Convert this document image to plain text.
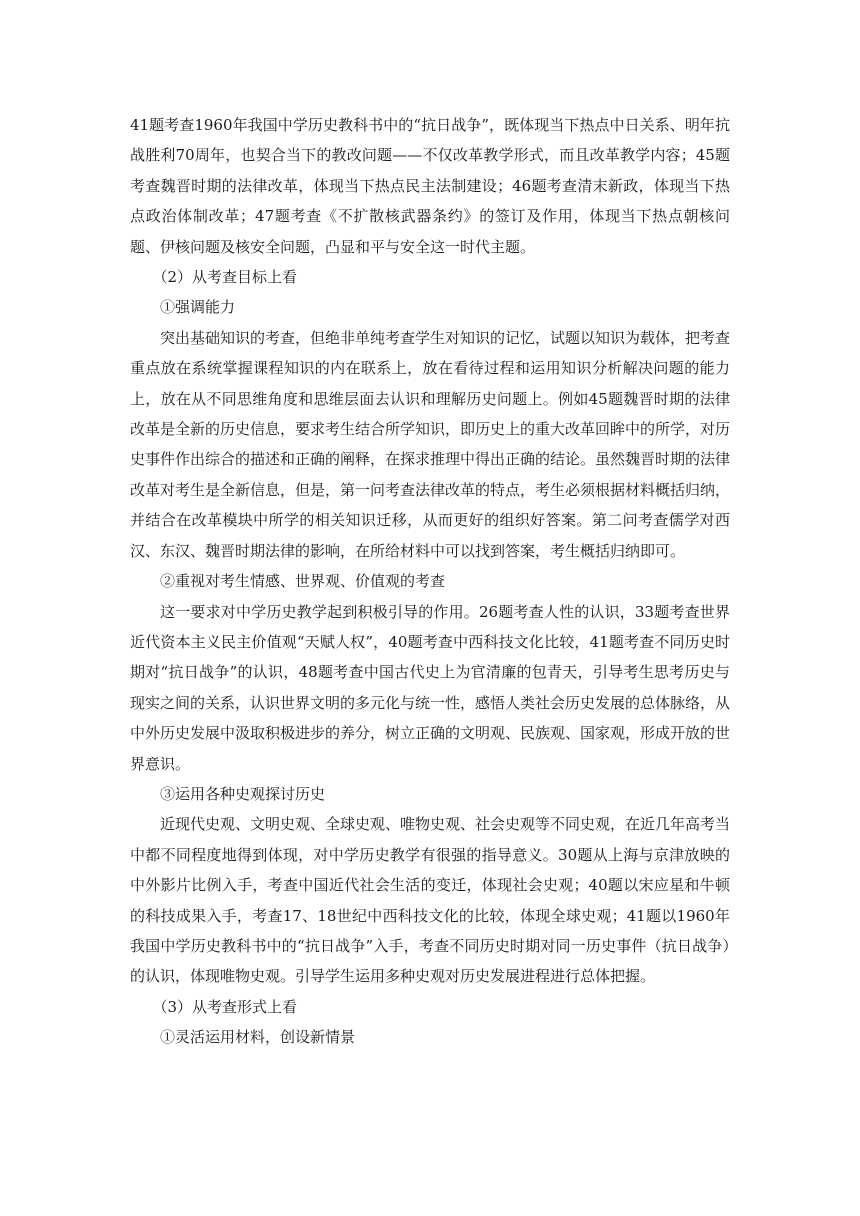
41题考查1960年我国中学历史教科书中的“抗日战争”，既体现当下热点中日关系、明年抗战胜利70周年，也契合当下的教改问题——不仅改革教学形式，而且改革教学内容；45题考查魏晋时期的法律改革，体现当下热点民主法制建设；46题考查清末新政，体现当下热点政治体制改革；47题考查《不扩散核武器条约》的签订及作用，体现当下热点朝核问题、伊核问题及核安全问题，凸显和平与安全这一时代主题。

（2）从考查目标上看

①强调能力

突出基础知识的考查，但绝非单纯考查学生对知识的记忆，试题以知识为载体，把考查重点放在系统掌握课程知识的内在联系上，放在看待过程和运用知识分析解决问题的能力上，放在从不同思维角度和思维层面去认识和理解历史问题上。例如45题魏晋时期的法律改革是全新的历史信息，要求考生结合所学知识，即历史上的重大改革回眸中的所学，对历史事件作出综合的描述和正确的阐释，在探求推理中得出正确的结论。虽然魏晋时期的法律改革对考生是全新信息，但是，第一问考查法律改革的特点，考生必须根据材料概括归纳，并结合在改革模块中所学的相关知识迁移，从而更好的组织好答案。第二问考查儒学对西汉、东汉、魏晋时期法律的影响，在所给材料中可以找到答案，考生概括归纳即可。

②重视对考生情感、世界观、价值观的考查

这一要求对中学历史教学起到积极引导的作用。26题考查人性的认识，33题考查世界近代资本主义民主价值观“天赋人权”，40题考查中西科技文化比较，41题考查不同历史时期对“抗日战争”的认识，48题考查中国古代史上为官清廉的包青天，引导考生思考历史与现实之间的关系，认识世界文明的多元化与统一性，感悟人类社会历史发展的总体脉络，从中外历史发展中汲取积极进步的养分，树立正确的文明观、民族观、国家观，形成开放的世界意识。

③运用各种史观探讨历史

近现代史观、文明史观、全球史观、唯物史观、社会史观等不同史观，在近几年高考当中都不同程度地得到体现，对中学历史教学有很强的指导意义。30题从上海与京津放映的中外影片比例入手，考查中国近代社会生活的变迁，体现社会史观；40题以宋应星和牛顿的科技成果入手，考查17、18世纪中西科技文化的比较，体现全球史观；41题以1960年我国中学历史教科书中的“抗日战争”入手，考查不同历史时期对同一历史事件（抗日战争）的认识，体现唯物史观。引导学生运用多种史观对历史发展进程进行总体把握。

（3）从考查形式上看

①灵活运用材料，创设新情景
